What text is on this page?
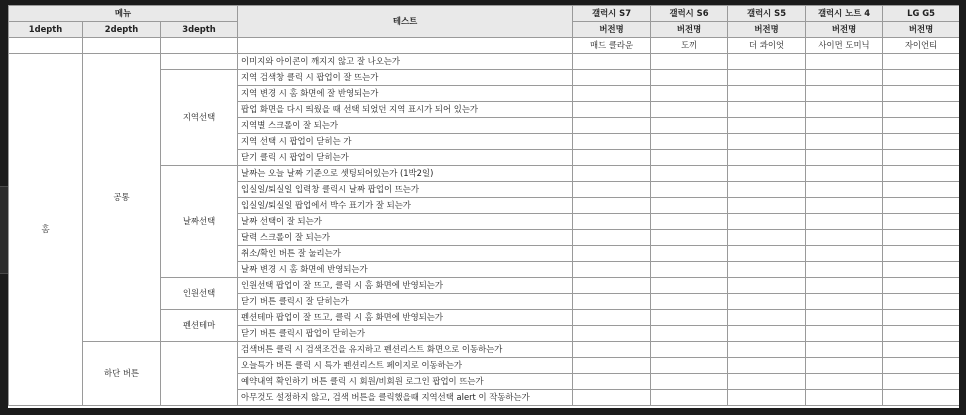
메뉴			테스트	갤럭시 S7	갤럭시 S6	갤럭시 S5	갤럭시 노트 4	LG G5
1depth	2depth	3depth		버전명	버전명	버전명	버전명	버전명
				매드 클라운	도끼	더 콰이엇	사이먼 도미닉	자이언티
홈	공통		이미지와 아이콘이 깨지지 않고 잘 나오는가					
		지역선택	지역 검색창 클릭 시 팝업이 잘 뜨는가					
			지역 변경 시 홈 화면에 잘 반영되는가					
			팝업 화면을 다시 띄웠을 때 선택 되었던 지역 표시가 되어 있는가					
			지역별 스크롤이 잘 되는가					
			지역 선택 시 팝업이 닫히는 가					
			닫기 클릭 시 팝업이 닫히는가					
		날짜선택	날짜는 오늘 날짜 기준으로 셋팅되어있는가 (1박2일)					
			입실일/퇴실일 입력창 클릭시 날짜 팝업이 뜨는가					
			입실일/퇴실일 팝업에서 박수 표기가 잘 되는가					
			날짜 선택이 잘 되는가					
			달력 스크롤이 잘 되는가					
			취소/확인 버튼 잘 눌리는가					
			날짜 변경 시 홈 화면에 반영되는가					
		인원선택	인원선택 팝업이 잘 뜨고, 클릭 시 홈 화면에 반영되는가					
			닫기 버튼 클릭시 잘 닫히는가					
		펜션테마	펜션테마 팝업이 잘 뜨고, 클릭 시 홈 화면에 반영되는가					
			닫기 버튼 클릭시 팝업이 닫히는가					
	하단 버튼		검색버튼 클릭 시 검색조건을 유지하고 펜션리스트 화면으로 이동하는가					
			오늘특가 버튼 클릭 시 특가 펜션리스트 페이지로 이동하는가					
			예약내역 확인하기 버튼 클릭 시 회원/비회원 로그인 팝업이 뜨는가					
			아무것도 설정하지 않고, 검색 버튼을 클릭했을때 지역선택 alert 이 작동하는가					
